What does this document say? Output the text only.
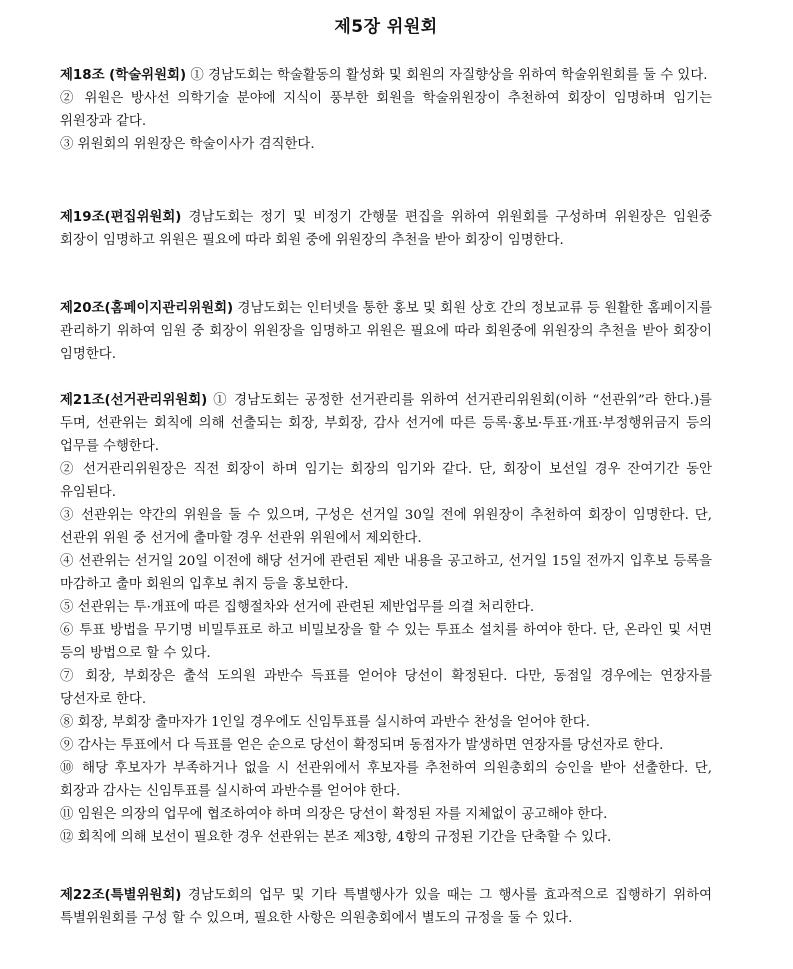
제5장 위원회

제18조 (학술위원회) ① 경남도회는 학술활동의 활성화 및 회원의 자질향상을 위하여 학술위원회를 둘 수 있다.

② 위원은 방사선 의학기술 분야에 지식이 풍부한 회원을 학술위원장이 추천하여 회장이 임명하며 임기는 위원장과 같다.

③ 위원회의 위원장은 학술이사가 겸직한다.

제19조(편집위원회) 경남도회는 정기 및 비정기 간행물 편집을 위하여 위원회를 구성하며 위원장은 임원중 회장이 임명하고 위원은 필요에 따라 회원 중에 위원장의 추천을 받아 회장이 임명한다.

제20조(홈페이지관리위원회) 경남도회는 인터넷을 통한 홍보 및 회원 상호 간의 정보교류 등 원활한 홈페이지를 관리하기 위하여 임원 중 회장이 위원장을 임명하고 위원은 필요에 따라 회원중에 위원장의 추천을 받아 회장이 임명한다.

제21조(선거관리위원회) ① 경남도회는 공정한 선거관리를 위하여 선거관리위원회(이하 “선관위”라 한다.)를 두며, 선관위는 회칙에 의해 선출되는 회장, 부회장, 감사 선거에 따른 등록·홍보·투표·개표·부정행위금지 등의 업무를 수행한다.

② 선거관리위원장은 직전 회장이 하며 임기는 회장의 임기와 같다. 단, 회장이 보선일 경우 잔여기간 동안 유임된다.

③ 선관위는 약간의 위원을 둘 수 있으며, 구성은 선거일 30일 전에 위원장이 추천하여 회장이 임명한다. 단, 선관위 위원 중 선거에 출마할 경우 선관위 위원에서 제외한다.

④ 선관위는 선거일 20일 이전에 해당 선거에 관련된 제반 내용을 공고하고, 선거일 15일 전까지 입후보 등록을 마감하고 출마 회원의 입후보 취지 등을 홍보한다.

⑤ 선관위는 투·개표에 따른 집행절차와 선거에 관련된 제반업무를 의결 처리한다.

⑥ 투표 방법을 무기명 비밀투표로 하고 비밀보장을 할 수 있는 투표소 설치를 하여야 한다. 단, 온라인 및 서면 등의 방법으로 할 수 있다.

⑦ 회장, 부회장은 출석 도의원 과반수 득표를 얻어야 당선이 확정된다. 다만, 동점일 경우에는 연장자를 당선자로 한다.

⑧ 회장, 부회장 출마자가 1인일 경우에도 신임투표를 실시하여 과반수 찬성을 얻어야 한다.

⑨ 감사는 투표에서 다 득표를 얻은 순으로 당선이 확정되며 동점자가 발생하면 연장자를 당선자로 한다.

⑩ 해당 후보자가 부족하거나 없을 시 선관위에서 후보자를 추천하여 의원총회의 승인을 받아 선출한다. 단, 회장과 감사는 신임투표를 실시하여 과반수를 얻어야 한다.

⑪ 임원은 의장의 업무에 협조하여야 하며 의장은 당선이 확정된 자를 지체없이 공고해야 한다.

⑫ 회칙에 의해 보선이 필요한 경우 선관위는 본조 제3항, 4항의 규정된 기간을 단축할 수 있다.

제22조(특별위원회) 경남도회의 업무 및 기타 특별행사가 있을 때는 그 행사를 효과적으로 집행하기 위하여 특별위원회를 구성 할 수 있으며, 필요한 사항은 의원총회에서 별도의 규정을 둘 수 있다.
